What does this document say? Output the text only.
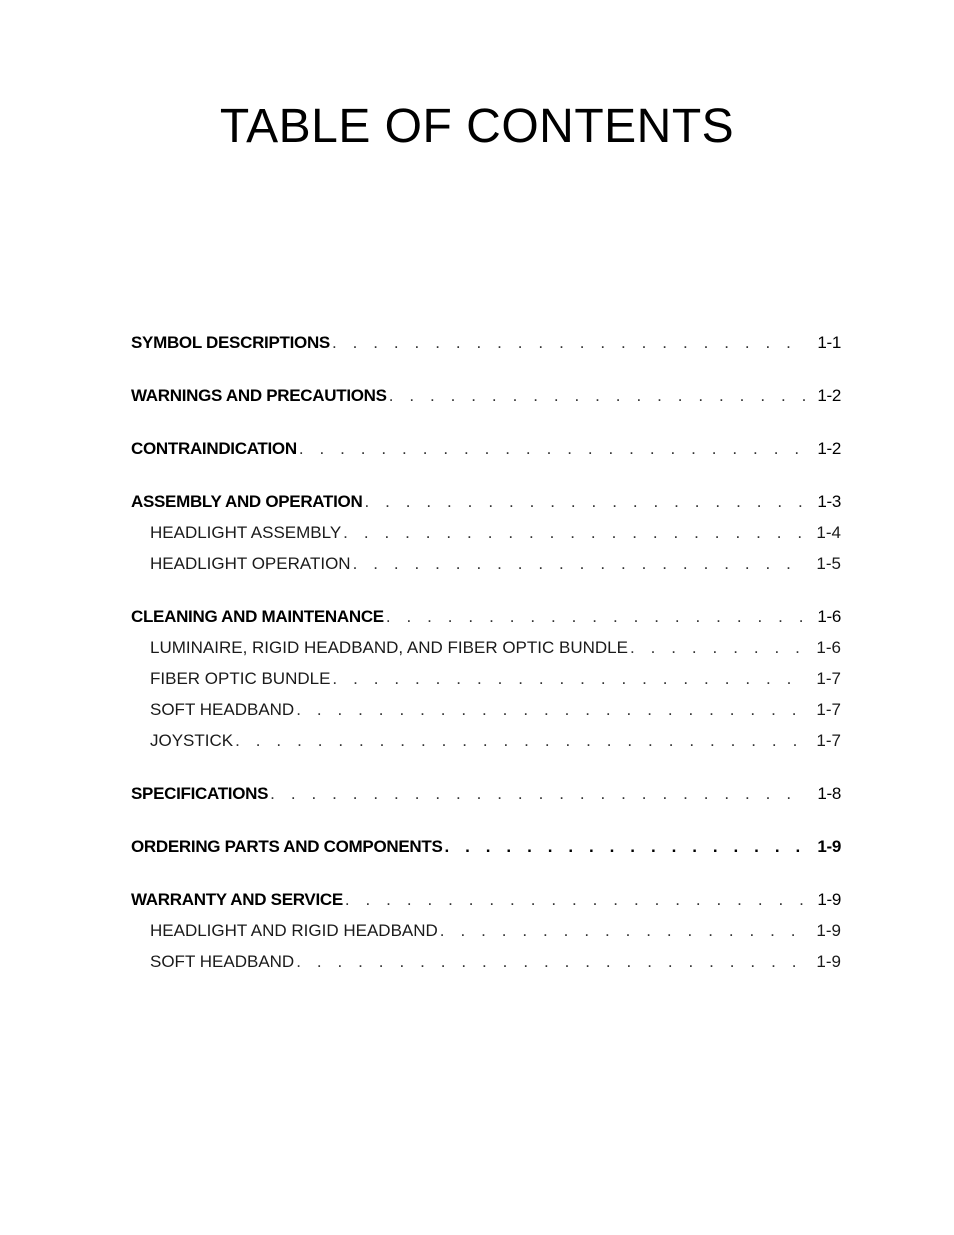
TABLE OF CONTENTS
SYMBOL DESCRIPTIONS . . .	1-1
WARNINGS AND PRECAUTIONS . . .	1-2
CONTRAINDICATION . . .	1-2
ASSEMBLY AND OPERATION . . .	1-3
HEADLIGHT ASSEMBLY . . .	1-4
HEADLIGHT OPERATION . . .	1-5
CLEANING AND MAINTENANCE . . .	1-6
LUMINAIRE, RIGID HEADBAND, AND FIBER OPTIC BUNDLE . . .	1-6
FIBER OPTIC BUNDLE . . .	1-7
SOFT HEADBAND . . .	1-7
JOYSTICK . . .	1-7
SPECIFICATIONS . . .	1-8
ORDERING PARTS AND COMPONENTS . . .	1-9
WARRANTY AND SERVICE . . .	1-9
HEADLIGHT AND RIGID HEADBAND . . .	1-9
SOFT HEADBAND . . .	1-9
